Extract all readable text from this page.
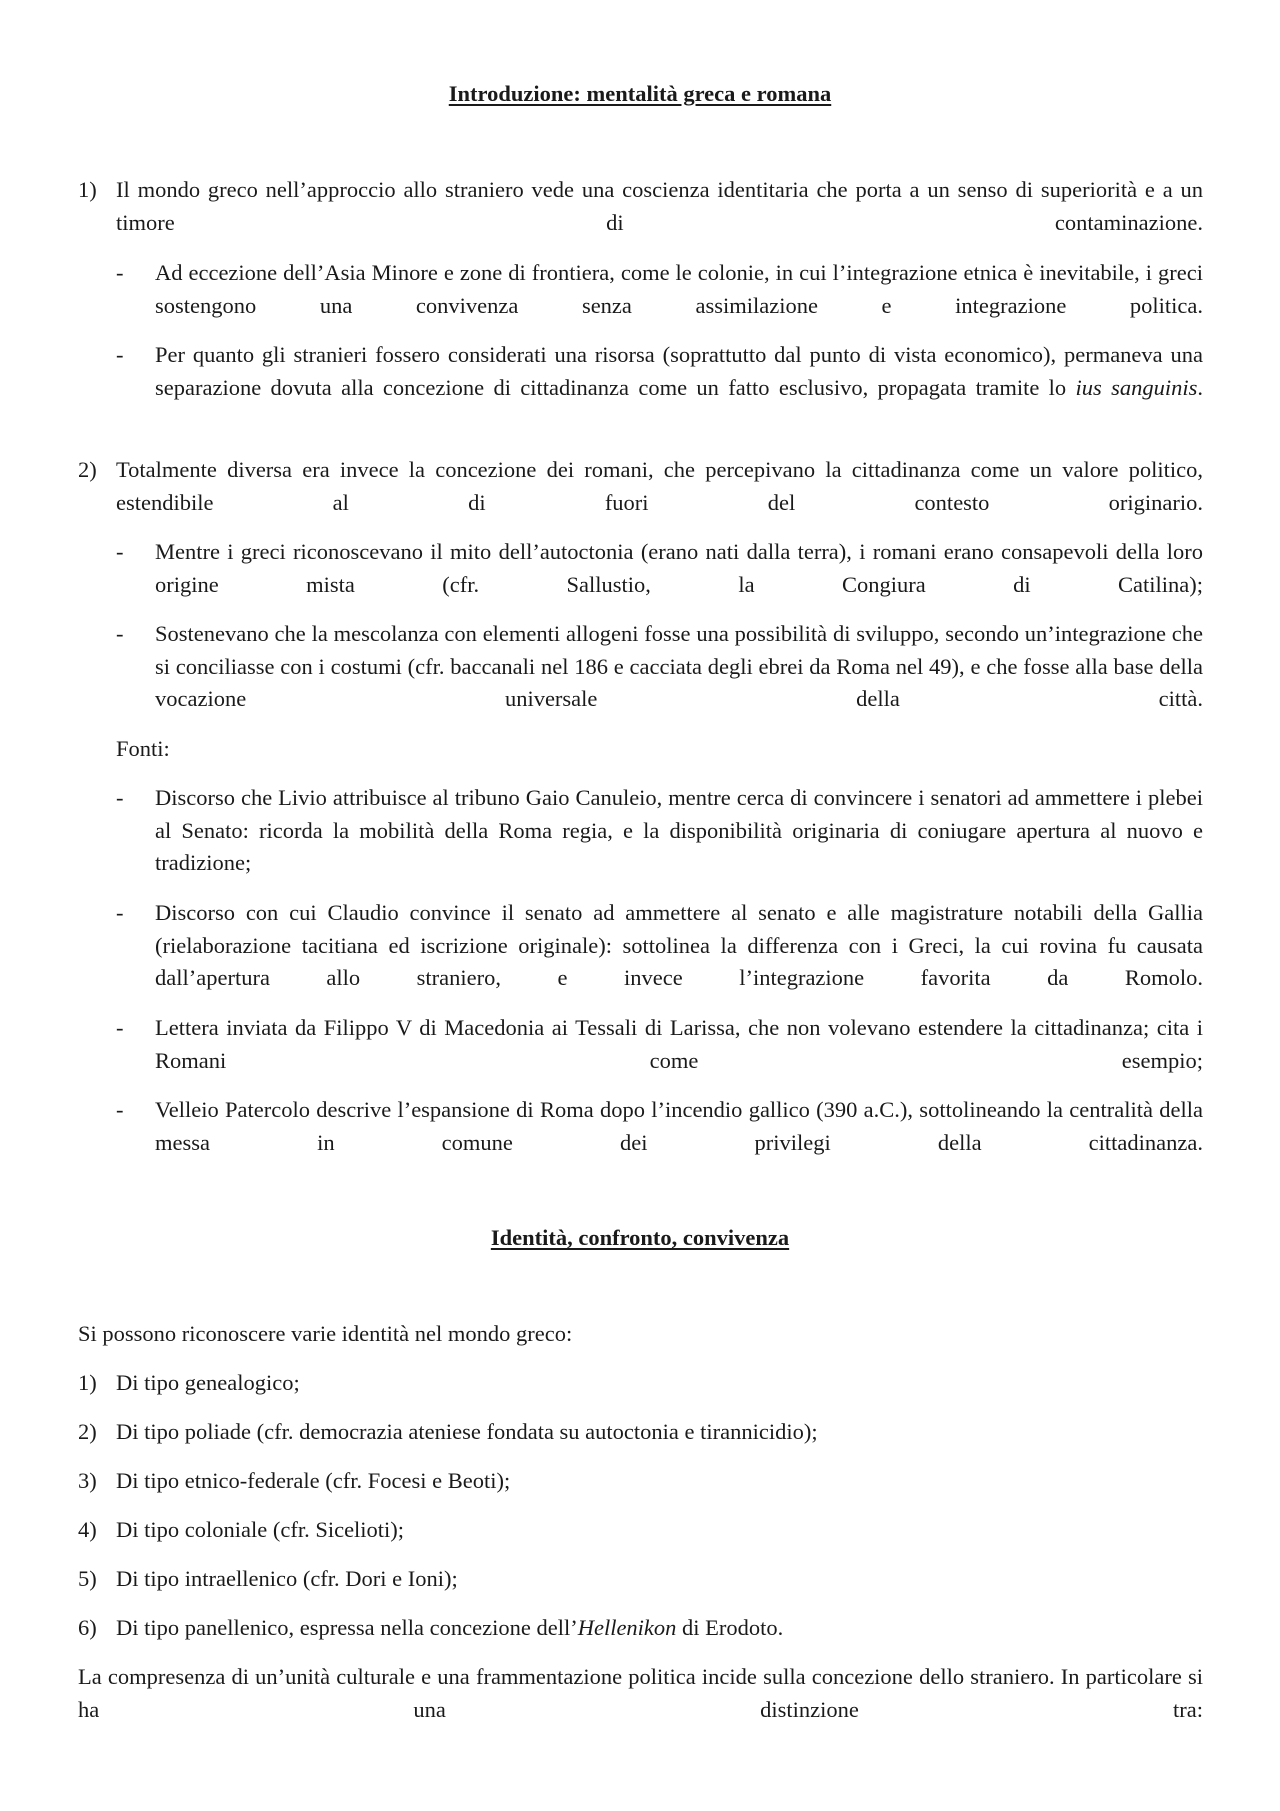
Introduzione: mentalità greca e romana
1) Il mondo greco nell’approccio allo straniero vede una coscienza identitaria che porta a un senso di superiorità e a un timore di contaminazione.
- Ad eccezione dell’Asia Minore e zone di frontiera, come le colonie, in cui l’integrazione etnica è inevitabile, i greci sostengono una convivenza senza assimilazione e integrazione politica.
- Per quanto gli stranieri fossero considerati una risorsa (soprattutto dal punto di vista economico), permaneva una separazione dovuta alla concezione di cittadinanza come un fatto esclusivo, propagata tramite lo ius sanguinis.
2) Totalmente diversa era invece la concezione dei romani, che percepivano la cittadinanza come un valore politico, estendibile al di fuori del contesto originario.
- Mentre i greci riconoscevano il mito dell’autoctonia (erano nati dalla terra), i romani erano consapevoli della loro origine mista (cfr. Sallustio, la Congiura di Catilina);
- Sostenevano che la mescolanza con elementi allogeni fosse una possibilità di sviluppo, secondo un’integrazione che si conciliasse con i costumi (cfr. baccanali nel 186 e cacciata degli ebrei da Roma nel 49), e che fosse alla base della vocazione universale della città.
Fonti:
- Discorso che Livio attribuisce al tribuno Gaio Canuleio, mentre cerca di convincere i senatori ad ammettere i plebei al Senato: ricorda la mobilità della Roma regia, e la disponibilità originaria di coniugare apertura al nuovo e tradizione;
- Discorso con cui Claudio convince il senato ad ammettere al senato e alle magistrature notabili della Gallia (rielaborazione tacitiana ed iscrizione originale): sottolinea la differenza con i Greci, la cui rovina fu causata dall’apertura allo straniero, e invece l’integrazione favorita da Romolo.
- Lettera inviata da Filippo V di Macedonia ai Tessali di Larissa, che non volevano estendere la cittadinanza; cita i Romani come esempio;
- Velleio Patercolo descrive l’espansione di Roma dopo l’incendio gallico (390 a.C.), sottolineando la centralità della messa in comune dei privilegi della cittadinanza.
Identità, confronto, convivenza
Si possono riconoscere varie identità nel mondo greco:
1) Di tipo genealogico;
2) Di tipo poliade (cfr. democrazia ateniese fondata su autoctonia e tirannicidio);
3) Di tipo etnico-federale (cfr. Focesi e Beoti);
4) Di tipo coloniale (cfr. Sicelioti);
5) Di tipo intraellenico (cfr. Dori e Ioni);
6) Di tipo panellenico, espressa nella concezione dell’Hellenikon di Erodoto.
La compresenza di un’unità culturale e una frammentazione politica incide sulla concezione dello straniero. In particolare si ha una distinzione tra:
